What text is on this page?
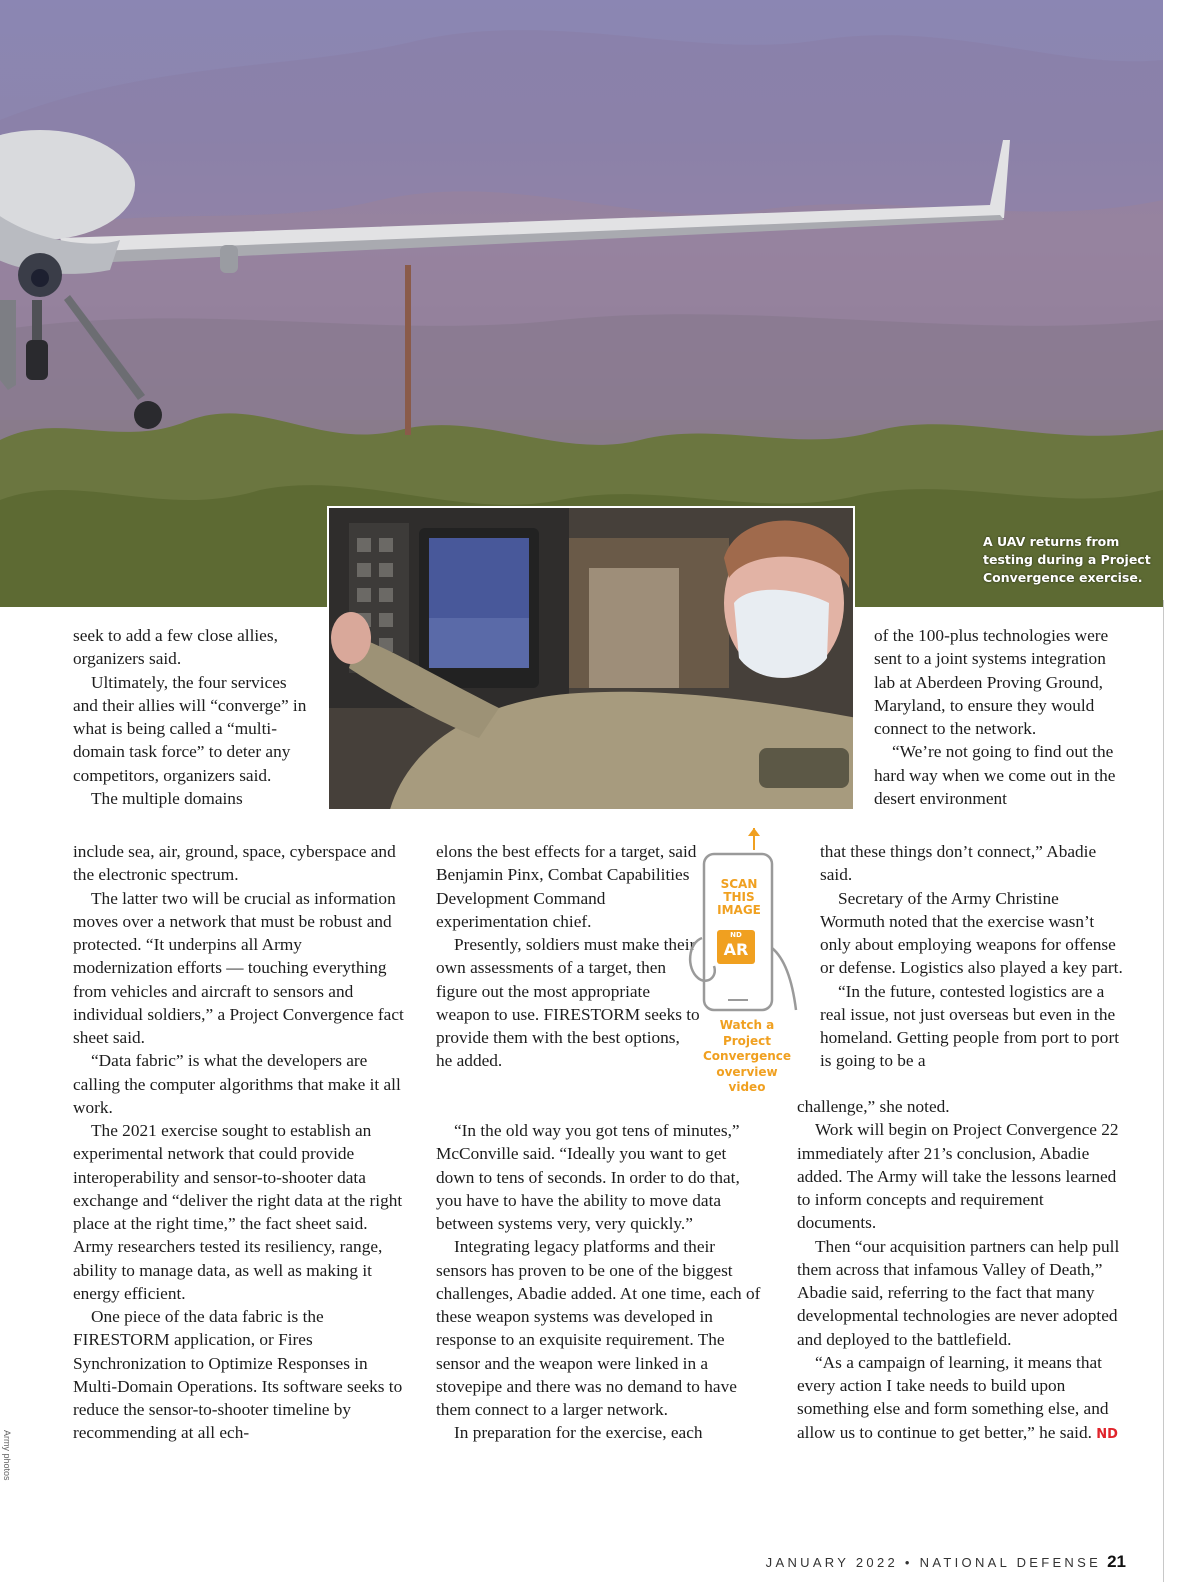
A UAV returns from testing during a Project Convergence exercise.

seek to add a few close allies, organizers said.

Ultimately, the four services and their allies will “converge” in what is being called a “multi-domain task force” to deter any competitors, organizers said.

The multiple domains

include sea, air, ground, space, cyberspace and the electronic spectrum.

The latter two will be crucial as information moves over a network that must be robust and protected. “It underpins all Army modernization efforts — touching everything from vehicles and aircraft to sensors and individual soldiers,” a Project Convergence fact sheet said.

“Data fabric” is what the developers are calling the computer algorithms that make it all work.

The 2021 exercise sought to establish an experimental network that could provide interoperability and sensor-to-shooter data exchange and “deliver the right data at the right place at the right time,” the fact sheet said. Army researchers tested its resiliency, range, ability to manage data, as well as making it energy efficient.

One piece of the data fabric is the FIRESTORM application, or Fires Synchronization to Optimize Responses in Multi-Domain Operations. Its software seeks to reduce the sensor-to-shooter timeline by recommending at all ech-

elons the best effects for a target, said Benjamin Pinx, Combat Capabilities Development Command experimentation chief.

Presently, soldiers must make their own assessments of a target, then figure out the most appropriate weapon to use. FIRESTORM seeks to provide them with the best options, he added.

“In the old way you got tens of minutes,” McConville said. “Ideally you want to get down to tens of seconds. In order to do that, you have to have the ability to move data between systems very, very quickly.”

Integrating legacy platforms and their sensors has proven to be one of the biggest challenges, Abadie added. At one time, each of these weapon systems was developed in response to an exquisite requirement. The sensor and the weapon were linked in a stovepipe and there was no demand to have them connect to a larger network.

In preparation for the exercise, each

SCAN THIS IMAGE
ND
AR
Watch a Project Convergence overview video

of the 100-plus technologies were sent to a joint systems integration lab at Aberdeen Proving Ground, Maryland, to ensure they would connect to the network.

“We’re not going to find out the hard way when we come out in the desert environment

that these things don’t connect,” Abadie said.

Secretary of the Army Christine Wormuth noted that the exercise wasn’t only about employing weapons for offense or defense. Logistics also played a key part.

“In the future, contested logistics are a real issue, not just overseas but even in the homeland. Getting people from port to port is going to be a

challenge,” she noted.

Work will begin on Project Convergence 22 immediately after 21’s conclusion, Abadie added. The Army will take the lessons learned to inform concepts and requirement documents.

Then “our acquisition partners can help pull them across that infamous Valley of Death,” Abadie said, referring to the fact that many developmental technologies are never adopted and deployed to the battlefield.

“As a campaign of learning, it means that every action I take needs to build upon something else and form something else, and allow us to continue to get better,” he said. ND

Army photos
JANUARY 2022 • NATIONAL DEFENSE 21
